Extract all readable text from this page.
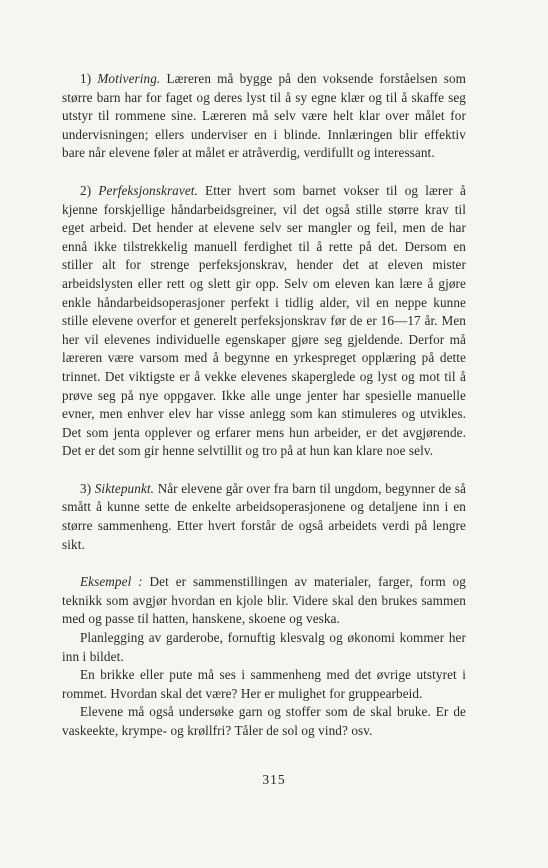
1) Motivering. Læreren må bygge på den voksende forståelsen som større barn har for faget og deres lyst til å sy egne klær og til å skaffe seg utstyr til rommene sine. Læreren må selv være helt klar over målet for undervisningen; ellers underviser en i blinde. Innlæringen blir effektiv bare når elevene føler at målet er atråverdig, verdifullt og interessant.

2) Perfeksjonskravet. Etter hvert som barnet vokser til og lærer å kjenne forskjellige håndarbeidsgreiner, vil det også stille større krav til eget arbeid. Det hender at elevene selv ser mangler og feil, men de har ennå ikke tilstrekkelig manuell ferdighet til å rette på det. Dersom en stiller alt for strenge perfeksjonskrav, hender det at eleven mister arbeidslysten eller rett og slett gir opp. Selv om eleven kan lære å gjøre enkle håndarbeidsoperasjoner perfekt i tidlig alder, vil en neppe kunne stille elevene overfor et generelt perfeksjonskrav før de er 16—17 år. Men her vil elevenes individuelle egenskaper gjøre seg gjeldende. Derfor må læreren være varsom med å begynne en yrkespreget opplæring på dette trinnet. Det viktigste er å vekke elevenes skaperglede og lyst og mot til å prøve seg på nye oppgaver. Ikke alle unge jenter har spesielle manuelle evner, men enhver elev har visse anlegg som kan stimuleres og utvikles. Det som jenta opplever og erfarer mens hun arbeider, er det avgjørende. Det er det som gir henne selvtillit og tro på at hun kan klare noe selv.

3) Siktepunkt. Når elevene går over fra barn til ungdom, begynner de så smått å kunne sette de enkelte arbeidsoperasjonene og detaljene inn i en større sammenheng. Etter hvert forstår de også arbeidets verdi på lengre sikt.

Eksempel : Det er sammenstillingen av materialer, farger, form og teknikk som avgjør hvordan en kjole blir. Videre skal den brukes sammen med og passe til hatten, hanskene, skoene og veska.

Planlegging av garderobe, fornuftig klesvalg og økonomi kommer her inn i bildet.

En brikke eller pute må ses i sammenheng med det øvrige utstyret i rommet. Hvordan skal det være? Her er mulighet for gruppearbeid.

Elevene må også undersøke garn og stoffer som de skal bruke. Er de vaskeekte, krympe- og krøllfri? Tåler de sol og vind? osv.

315
